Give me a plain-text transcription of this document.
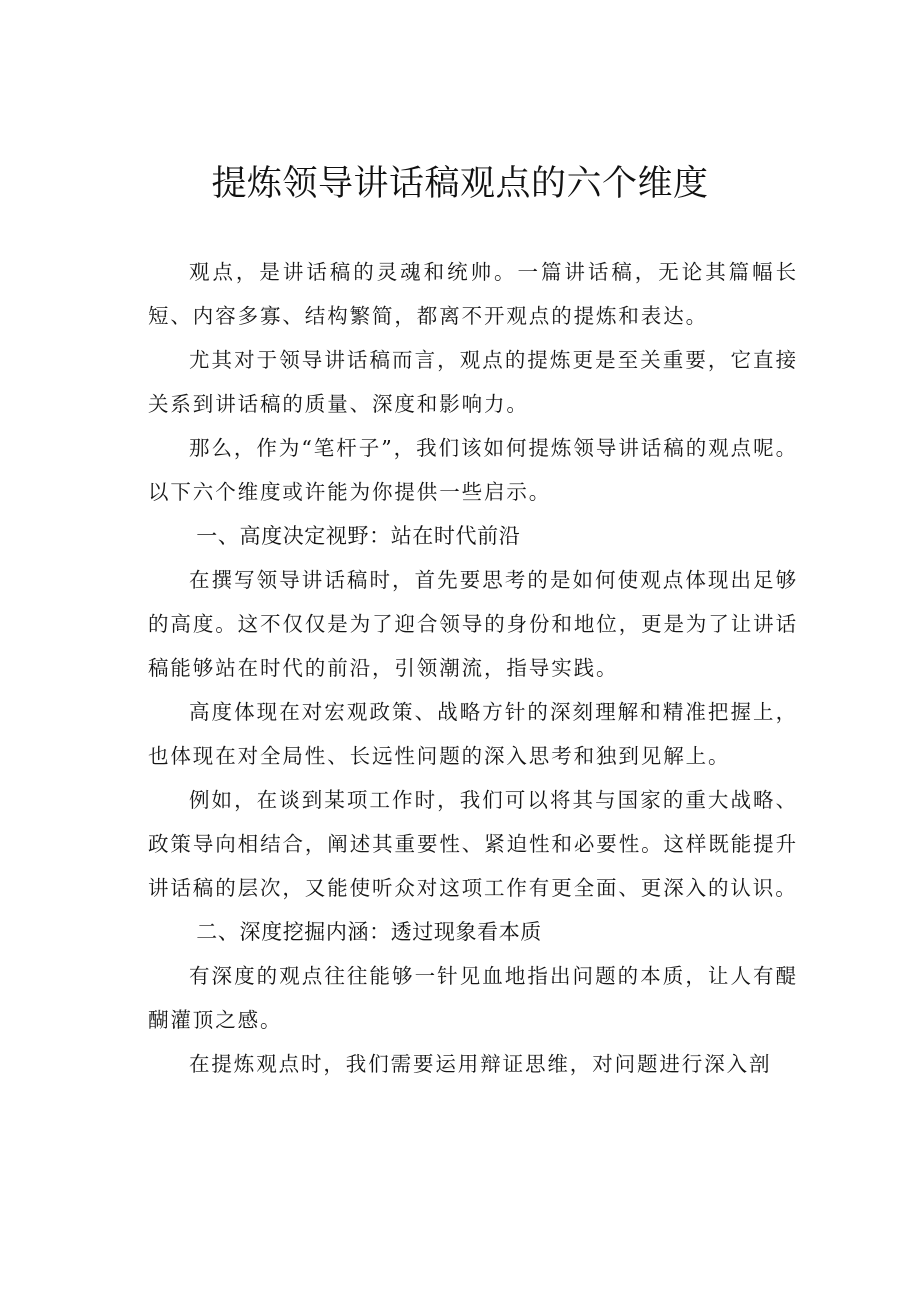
提炼领导讲话稿观点的六个维度

观点，是讲话稿的灵魂和统帅。一篇讲话稿，无论其篇幅长短、内容多寡、结构繁简，都离不开观点的提炼和表达。

尤其对于领导讲话稿而言，观点的提炼更是至关重要，它直接关系到讲话稿的质量、深度和影响力。

那么，作为“笔杆子”，我们该如何提炼领导讲话稿的观点呢。以下六个维度或许能为你提供一些启示。

一、高度决定视野：站在时代前沿

在撰写领导讲话稿时，首先要思考的是如何使观点体现出足够的高度。这不仅仅是为了迎合领导的身份和地位，更是为了让讲话稿能够站在时代的前沿，引领潮流，指导实践。

高度体现在对宏观政策、战略方针的深刻理解和精准把握上，也体现在对全局性、长远性问题的深入思考和独到见解上。

例如，在谈到某项工作时，我们可以将其与国家的重大战略、政策导向相结合，阐述其重要性、紧迫性和必要性。这样既能提升讲话稿的层次，又能使听众对这项工作有更全面、更深入的认识。

二、深度挖掘内涵：透过现象看本质

有深度的观点往往能够一针见血地指出问题的本质，让人有醍醐灌顶之感。

在提炼观点时，我们需要运用辩证思维，对问题进行深入剖
